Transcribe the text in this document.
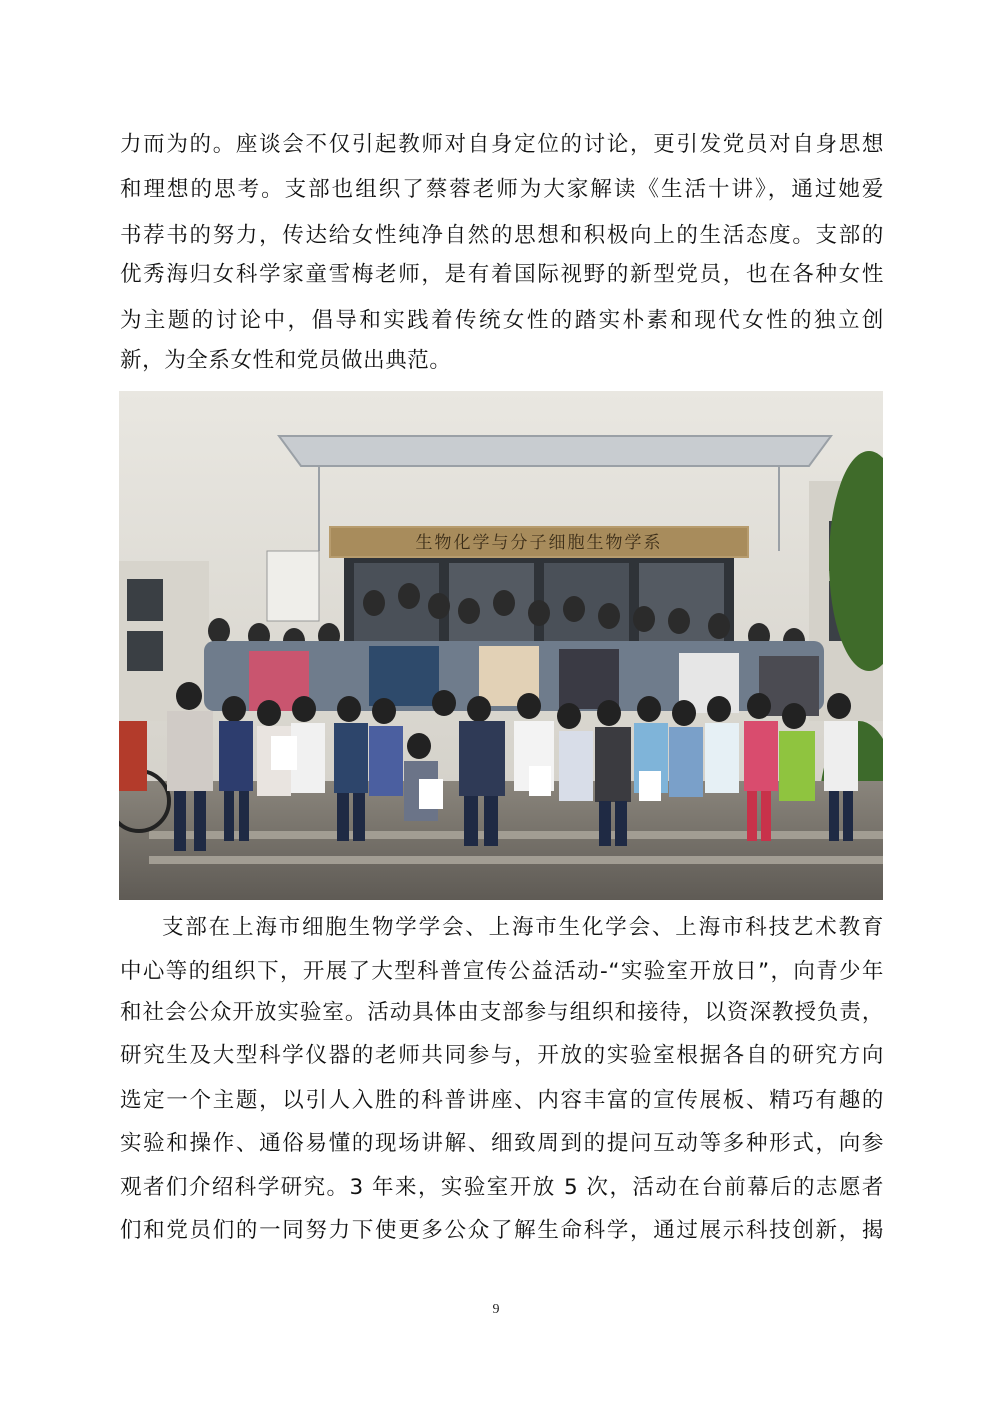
力而为的。座谈会不仅引起教师对自身定位的讨论，更引发党员对自身思想
和理想的思考。支部也组织了蔡蓉老师为大家解读《生活十讲》，通过她爱
书荐书的努力，传达给女性纯净自然的思想和积极向上的生活态度。支部的
优秀海归女科学家童雪梅老师，是有着国际视野的新型党员，也在各种女性
为主题的讨论中，倡导和实践着传统女性的踏实朴素和现代女性的独立创
新，为全系女性和党员做出典范。
生物化学与分子细胞生物学系
支部在上海市细胞生物学学会、上海市生化学会、上海市科技艺术教育
中心等的组织下，开展了大型科普宣传公益活动-“实验室开放日”，向青少年
和社会公众开放实验室。活动具体由支部参与组织和接待，以资深教授负责，
研究生及大型科学仪器的老师共同参与，开放的实验室根据各自的研究方向
选定一个主题，以引人入胜的科普讲座、内容丰富的宣传展板、精巧有趣的
实验和操作、通俗易懂的现场讲解、细致周到的提问互动等多种形式，向参
观者们介绍科学研究。3 年来，实验室开放 5 次，活动在台前幕后的志愿者
们和党员们的一同努力下使更多公众了解生命科学，通过展示科技创新，揭
9
